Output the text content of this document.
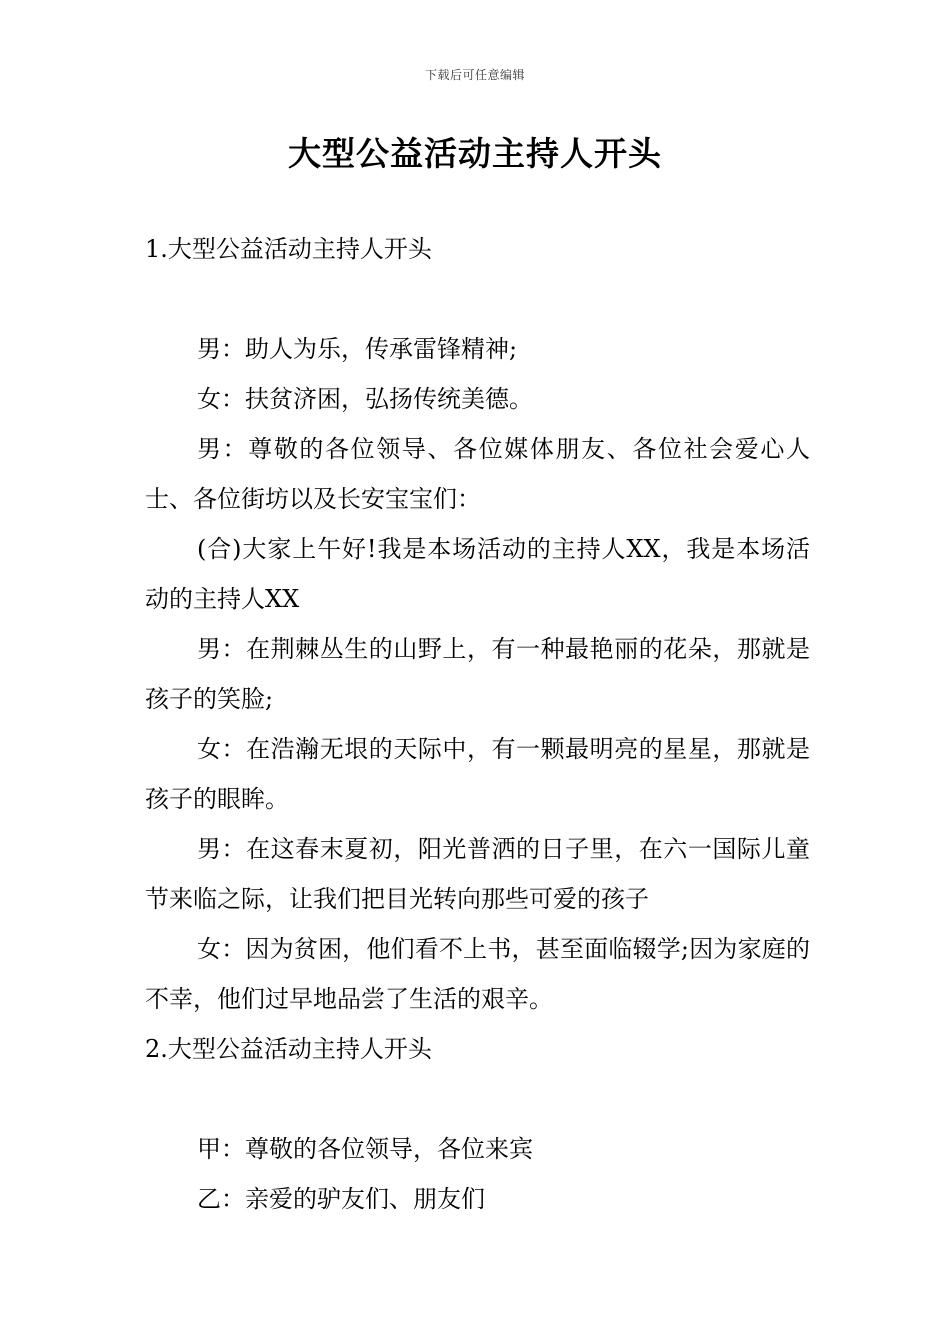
下载后可任意编辑
大型公益活动主持人开头

1.大型公益活动主持人开头

男：助人为乐，传承雷锋精神;

女：扶贫济困，弘扬传统美德。

男：尊敬的各位领导、各位媒体朋友、各位社会爱心人士、各位街坊以及长安宝宝们：

(合)大家上午好!我是本场活动的主持人XX，我是本场活动的主持人XX

男：在荆棘丛生的山野上，有一种最艳丽的花朵，那就是孩子的笑脸;

女：在浩瀚无垠的天际中，有一颗最明亮的星星，那就是孩子的眼眸。

男：在这春末夏初，阳光普洒的日子里，在六一国际儿童节来临之际，让我们把目光转向那些可爱的孩子

女：因为贫困，他们看不上书，甚至面临辍学;因为家庭的不幸，他们过早地品尝了生活的艰辛。

2.大型公益活动主持人开头

甲：尊敬的各位领导，各位来宾

乙：亲爱的驴友们、朋友们
